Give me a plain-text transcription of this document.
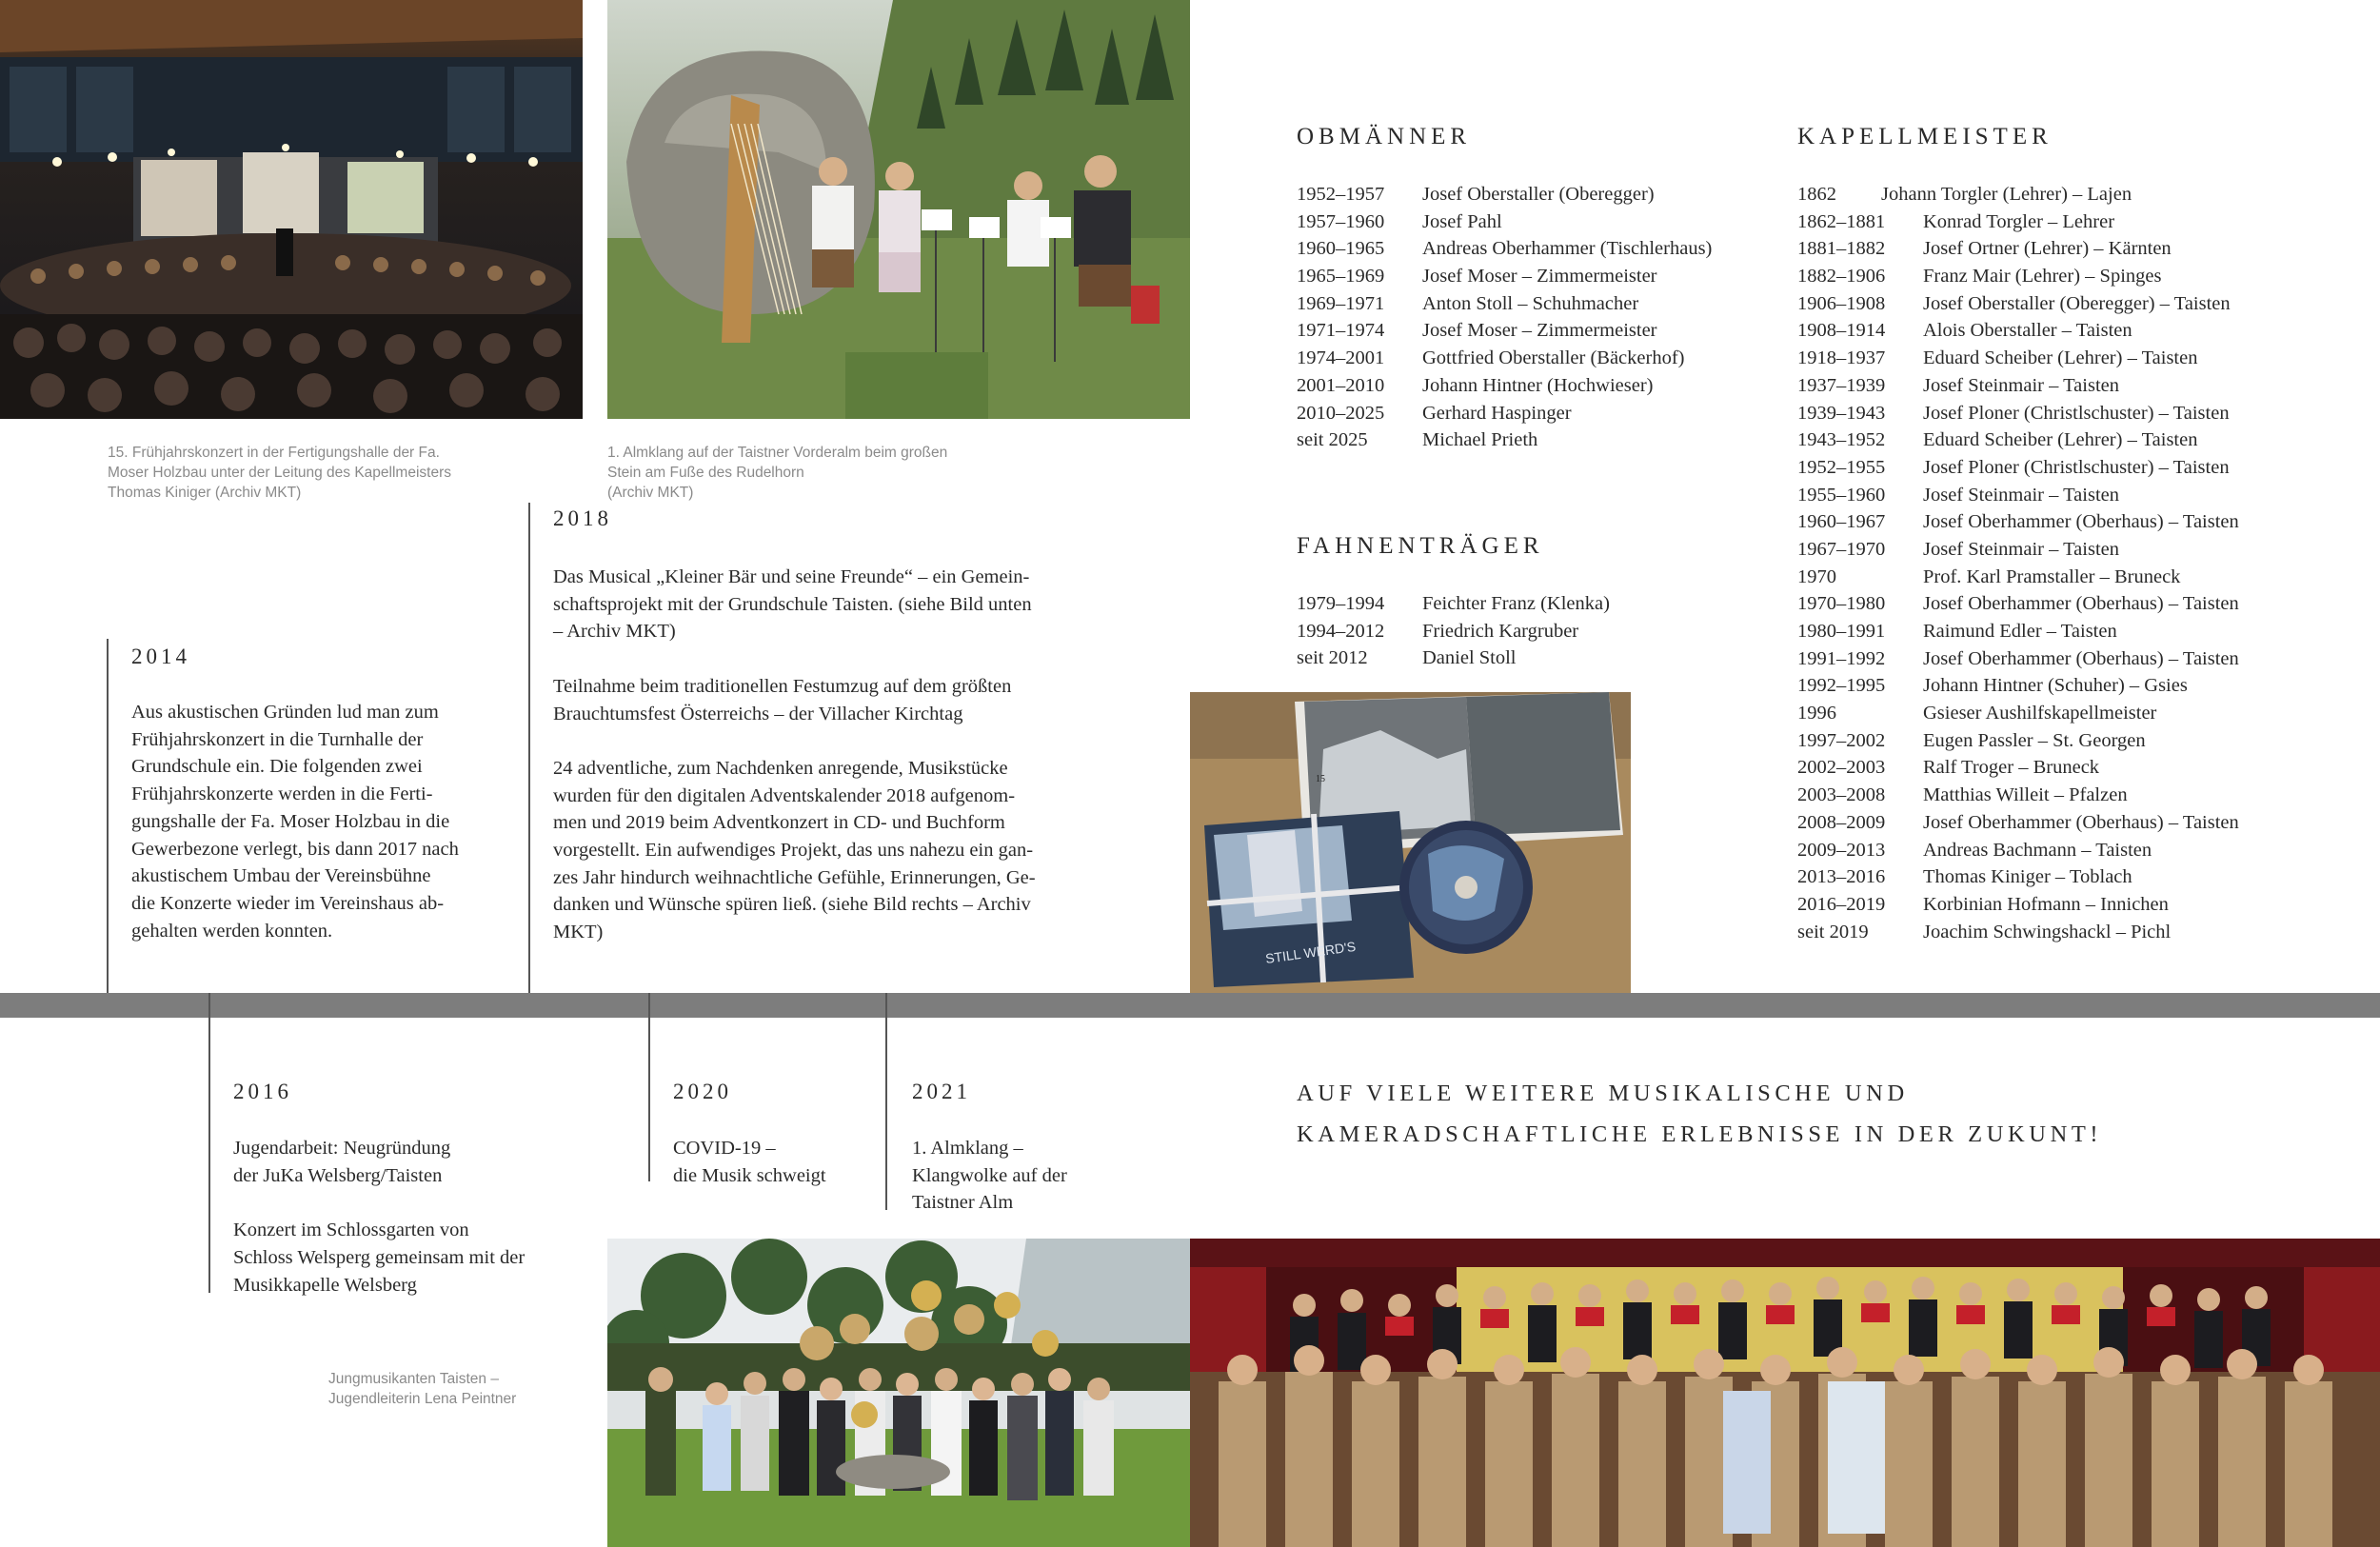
15. Frühjahrskonzert in der Fertigungshalle der Fa.
Moser Holzbau unter der Leitung des Kapellmeisters
Thomas Kiniger (Archiv MKT)
1. Almklang auf der Taistner Vorderalm beim großen
Stein am Fuße des Rudelhorn
(Archiv MKT)
2014
Aus akustischen Gründen lud man zum
Frühjahrskonzert in die Turnhalle der
Grundschule ein. Die folgenden zwei
Frühjahrskonzerte werden in die Ferti-
gungshalle der Fa. Moser Holzbau in die
Gewerbezone verlegt, bis dann 2017 nach
akustischem Umbau der Vereinsbühne
die Konzerte wieder im Vereinshaus ab-
gehalten werden konnten.
2018
Das Musical „Kleiner Bär und seine Freunde“ – ein Gemein-
schaftsprojekt mit der Grundschule Taisten. (siehe Bild unten
– Archiv MKT)

Teilnahme beim traditionellen Festumzug auf dem größten
Brauchtumsfest Österreichs – der Villacher Kirchtag

24 adventliche, zum Nachdenken anregende, Musikstücke
wurden für den digitalen Adventskalender 2018 aufgenom-
men und 2019 beim Adventkonzert in CD- und Buchform
vorgestellt. Ein aufwendiges Projekt, das uns nahezu ein gan-
zes Jahr hindurch weihnachtliche Gefühle, Erinnerungen, Ge-
danken und Wünsche spüren ließ. (siehe Bild rechts – Archiv
MKT)
OBMÄNNER
1952–1957 Josef Oberstaller (Oberegger)
1957–1960 Josef Pahl
1960–1965 Andreas Oberhammer (Tischlerhaus)
1965–1969 Josef Moser – Zimmermeister
1969–1971 Anton Stoll – Schuhmacher
1971–1974 Josef Moser – Zimmermeister
1974–2001 Gottfried Oberstaller (Bäckerhof)
2001–2010 Johann Hintner (Hochwieser)
2010–2025 Gerhard Haspinger
seit 2025	Michael Prieth
FAHNENTRÄGER
1979–1994 Feichter Franz (Klenka)
1994–2012 Friedrich Kargruber
seit 2012	Daniel Stoll
KAPELLMEISTER
1862 Johann Torgler (Lehrer) – Lajen
1862–1881 Konrad Torgler – Lehrer
1881–1882 Josef Ortner (Lehrer) – Kärnten
1882–1906 Franz Mair (Lehrer) – Spinges
1906–1908 Josef Oberstaller (Oberegger) – Taisten
1908–1914 Alois Oberstaller – Taisten
1918–1937 Eduard Scheiber (Lehrer) – Taisten
1937–1939 Josef Steinmair – Taisten
1939–1943 Josef Ploner (Christlschuster) – Taisten
1943–1952 Eduard Scheiber (Lehrer) – Taisten
1952–1955 Josef Ploner (Christlschuster) – Taisten
1955–1960 Josef Steinmair – Taisten
1960–1967 Josef Oberhammer (Oberhaus) – Taisten
1967–1970 Josef Steinmair – Taisten
1970	Prof. Karl Pramstaller – Bruneck
1970–1980 Josef Oberhammer (Oberhaus) – Taisten
1980–1991 Raimund Edler – Taisten
1991–1992 Josef Oberhammer (Oberhaus) – Taisten
1992–1995 Johann Hintner (Schuher) – Gsies
1996	Gsieser Aushilfskapellmeister
1997–2002 Eugen Passler – St. Georgen
2002–2003 Ralf Troger – Bruneck
2003–2008 Matthias Willeit – Pfalzen
2008–2009 Josef Oberhammer (Oberhaus) – Taisten
2009–2013 Andreas Bachmann – Taisten
2013–2016 Thomas Kiniger – Toblach
2016–2019 Korbinian Hofmann – Innichen
seit 2019	Joachim Schwingshackl – Pichl
15
STILL WERD'S
2016
Jugendarbeit: Neugründung
der JuKa Welsberg/Taisten

Konzert im Schlossgarten von
Schloss Welsperg gemeinsam mit der
Musikkapelle Welsberg
2020
COVID-19 –
die Musik schweigt
2021
1. Almklang –
Klangwolke auf der
Taistner Alm
AUF VIELE WEITERE MUSIKALISCHE UND
KAMERADSCHAFTLICHE ERLEBNISSE IN DER ZUKUNT!
Jungmusikanten Taisten –
Jugendleiterin Lena Peintner
